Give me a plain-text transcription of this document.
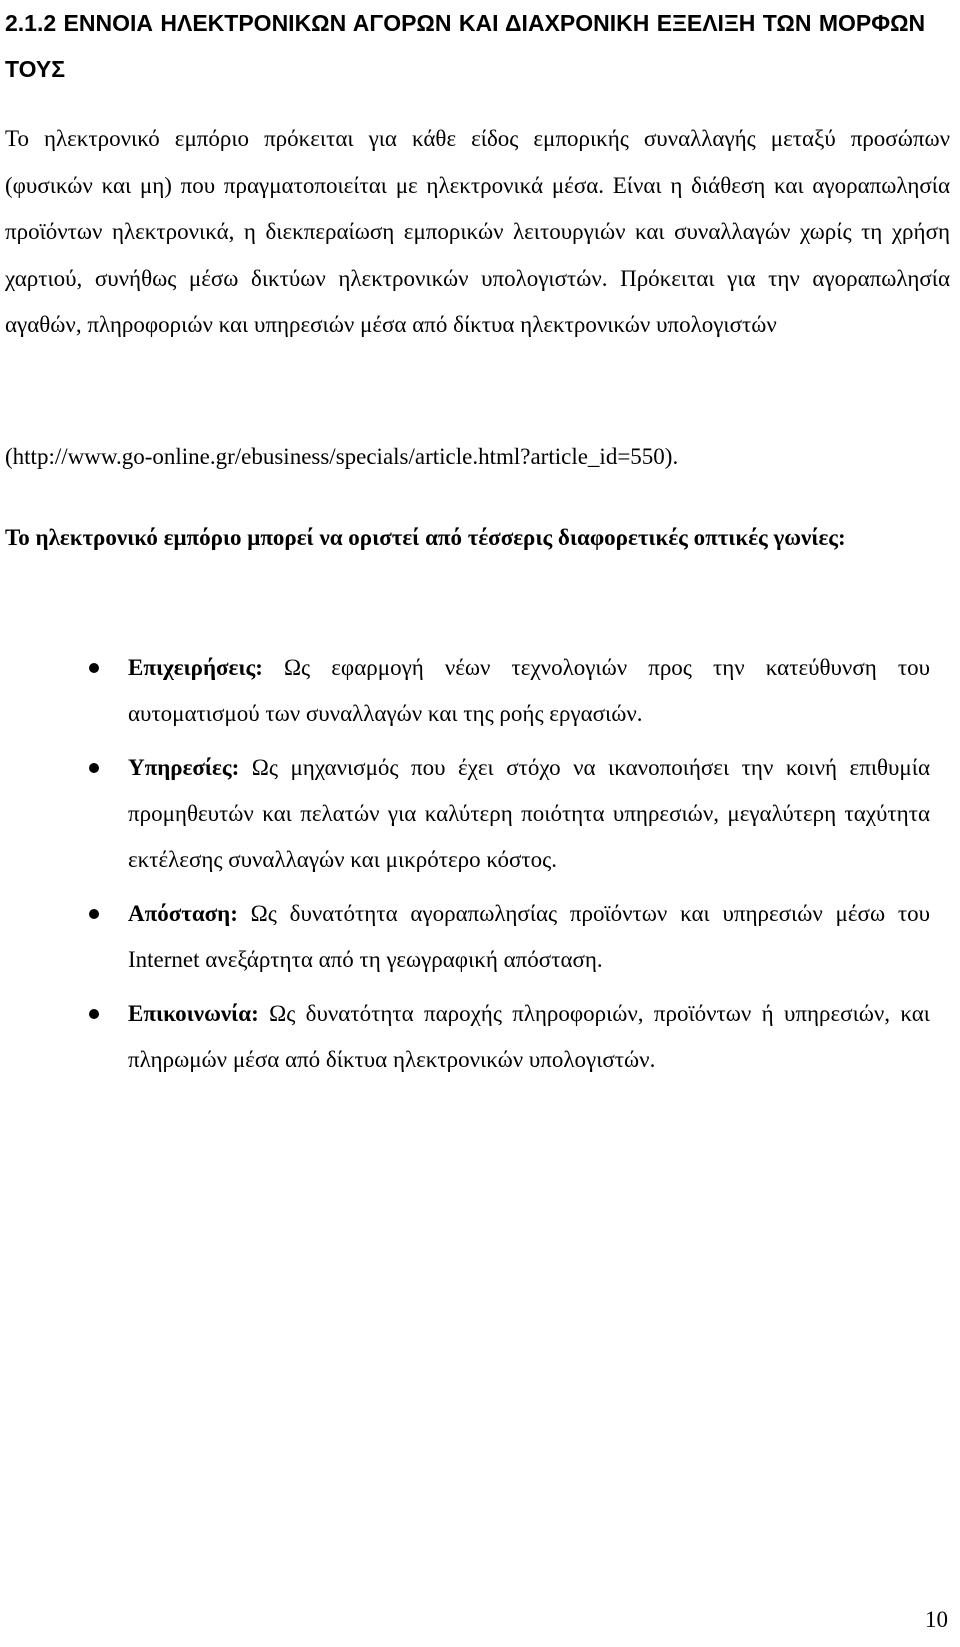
2.1.2 ΕΝΝΟΙΑ ΗΛΕΚΤΡΟΝΙΚΩΝ ΑΓΟΡΩΝ ΚΑΙ ΔΙΑΧΡΟΝΙΚΗ ΕΞΕΛΙΞΗ ΤΩΝ ΜΟΡΦΩΝ ΤΟΥΣ

Το ηλεκτρονικό εμπόριο πρόκειται για κάθε είδος εμπορικής συναλλαγής μεταξύ προσώπων (φυσικών και μη) που πραγματοποιείται με ηλεκτρονικά μέσα. Είναι η διάθεση και αγοραπωλησία προϊόντων ηλεκτρονικά, η διεκπεραίωση εμπορικών λειτουργιών και συναλλαγών χωρίς τη χρήση χαρτιού, συνήθως μέσω δικτύων ηλεκτρονικών υπολογιστών. Πρόκειται για την αγοραπωλησία αγαθών, πληροφοριών και υπηρεσιών μέσα από δίκτυα ηλεκτρονικών υπολογιστών

(http://www.go-online.gr/ebusiness/specials/article.html?article_id=550).

Το ηλεκτρονικό εμπόριο μπορεί να οριστεί από τέσσερις διαφορετικές οπτικές γωνίες:

Επιχειρήσεις: Ως εφαρμογή νέων τεχνολογιών προς την κατεύθυνση του αυτοματισμού των συναλλαγών και της ροής εργασιών.
Υπηρεσίες: Ως μηχανισμός που έχει στόχο να ικανοποιήσει την κοινή επιθυμία προμηθευτών και πελατών για καλύτερη ποιότητα υπηρεσιών, μεγαλύτερη ταχύτητα εκτέλεσης συναλλαγών και μικρότερο κόστος.
Απόσταση: Ως δυνατότητα αγοραπωλησίας προϊόντων και υπηρεσιών μέσω του Internet ανεξάρτητα από τη γεωγραφική απόσταση.
Επικοινωνία: Ως δυνατότητα παροχής πληροφοριών, προϊόντων ή υπηρεσιών, και πληρωμών μέσα από δίκτυα ηλεκτρονικών υπολογιστών.

10
